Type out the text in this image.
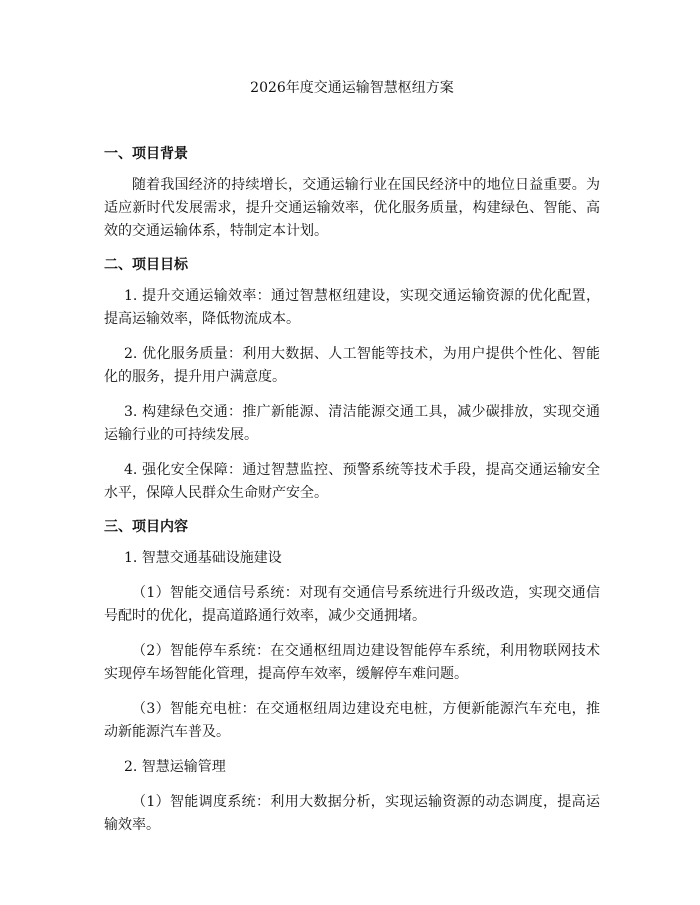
2026年度交通运输智慧枢纽方案
一、项目背景

随着我国经济的持续增长，交通运输行业在国民经济中的地位日益重要。为适应新时代发展需求，提升交通运输效率，优化服务质量，构建绿色、智能、高效的交通运输体系，特制定本计划。

二、项目目标

1. 提升交通运输效率：通过智慧枢纽建设，实现交通运输资源的优化配置，提高运输效率，降低物流成本。

2. 优化服务质量：利用大数据、人工智能等技术，为用户提供个性化、智能化的服务，提升用户满意度。

3. 构建绿色交通：推广新能源、清洁能源交通工具，减少碳排放，实现交通运输行业的可持续发展。

4. 强化安全保障：通过智慧监控、预警系统等技术手段，提高交通运输安全水平，保障人民群众生命财产安全。

三、项目内容

1. 智慧交通基础设施建设

（1）智能交通信号系统：对现有交通信号系统进行升级改造，实现交通信号配时的优化，提高道路通行效率，减少交通拥堵。

（2）智能停车系统：在交通枢纽周边建设智能停车系统，利用物联网技术实现停车场智能化管理，提高停车效率，缓解停车难问题。

（3）智能充电桩：在交通枢纽周边建设充电桩，方便新能源汽车充电，推动新能源汽车普及。

2. 智慧运输管理

（1）智能调度系统：利用大数据分析，实现运输资源的动态调度，提高运输效率。
